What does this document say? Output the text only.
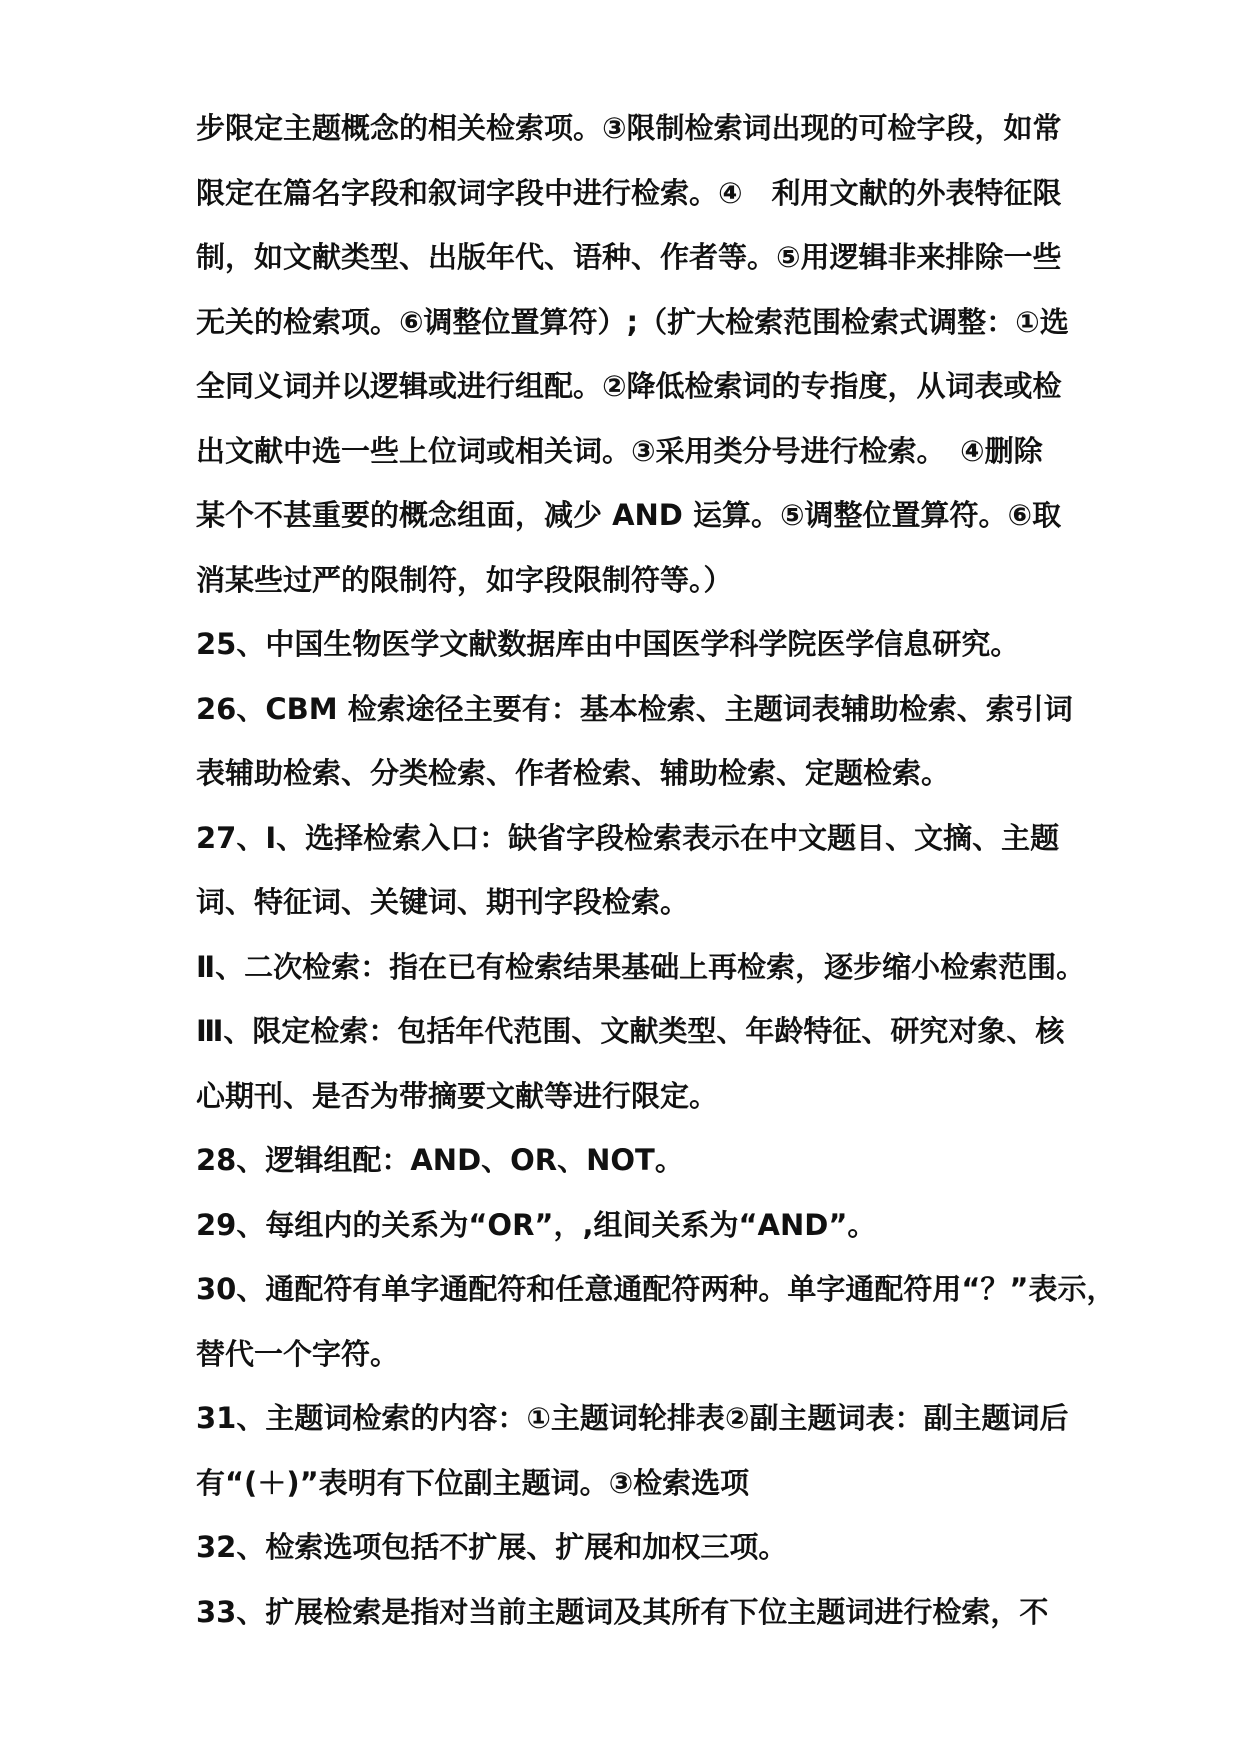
步限定主题概念的相关检索项。③限制检索词出现的可检字段，如常
限定在篇名字段和叙词字段中进行检索。④　利用文献的外表特征限
制，如文献类型、出版年代、语种、作者等。⑤用逻辑非来排除一些
无关的检索项。⑥调整位置算符）;（扩大检索范围检索式调整：①选
全同义词并以逻辑或进行组配。②降低检索词的专指度，从词表或检
出文献中选一些上位词或相关词。③采用类分号进行检索。　④删除
某个不甚重要的概念组面，减少 AND 运算。⑤调整位置算符。⑥取
消某些过严的限制符，如字段限制符等。）
25、中国生物医学文献数据库由中国医学科学院医学信息研究。
26、CBM 检索途径主要有：基本检索、主题词表辅助检索、索引词
表辅助检索、分类检索、作者检索、辅助检索、定题检索。
27、Ⅰ、选择检索入口：缺省字段检索表示在中文题目、文摘、主题
词、特征词、关键词、期刊字段检索。
Ⅱ、二次检索：指在已有检索结果基础上再检索，逐步缩小检索范围。
Ⅲ、限定检索：包括年代范围、文献类型、年龄特征、研究对象、核
心期刊、是否为带摘要文献等进行限定。
28、逻辑组配：AND、OR、NOT。
29、每组内的关系为“OR”，,组间关系为“AND”。
30、通配符有单字通配符和任意通配符两种。单字通配符用“？”表示，
替代一个字符。
31、主题词检索的内容：①主题词轮排表②副主题词表：副主题词后
有“(＋)”表明有下位副主题词。③检索选项
32、检索选项包括不扩展、扩展和加权三项。
33、扩展检索是指对当前主题词及其所有下位主题词进行检索，不
